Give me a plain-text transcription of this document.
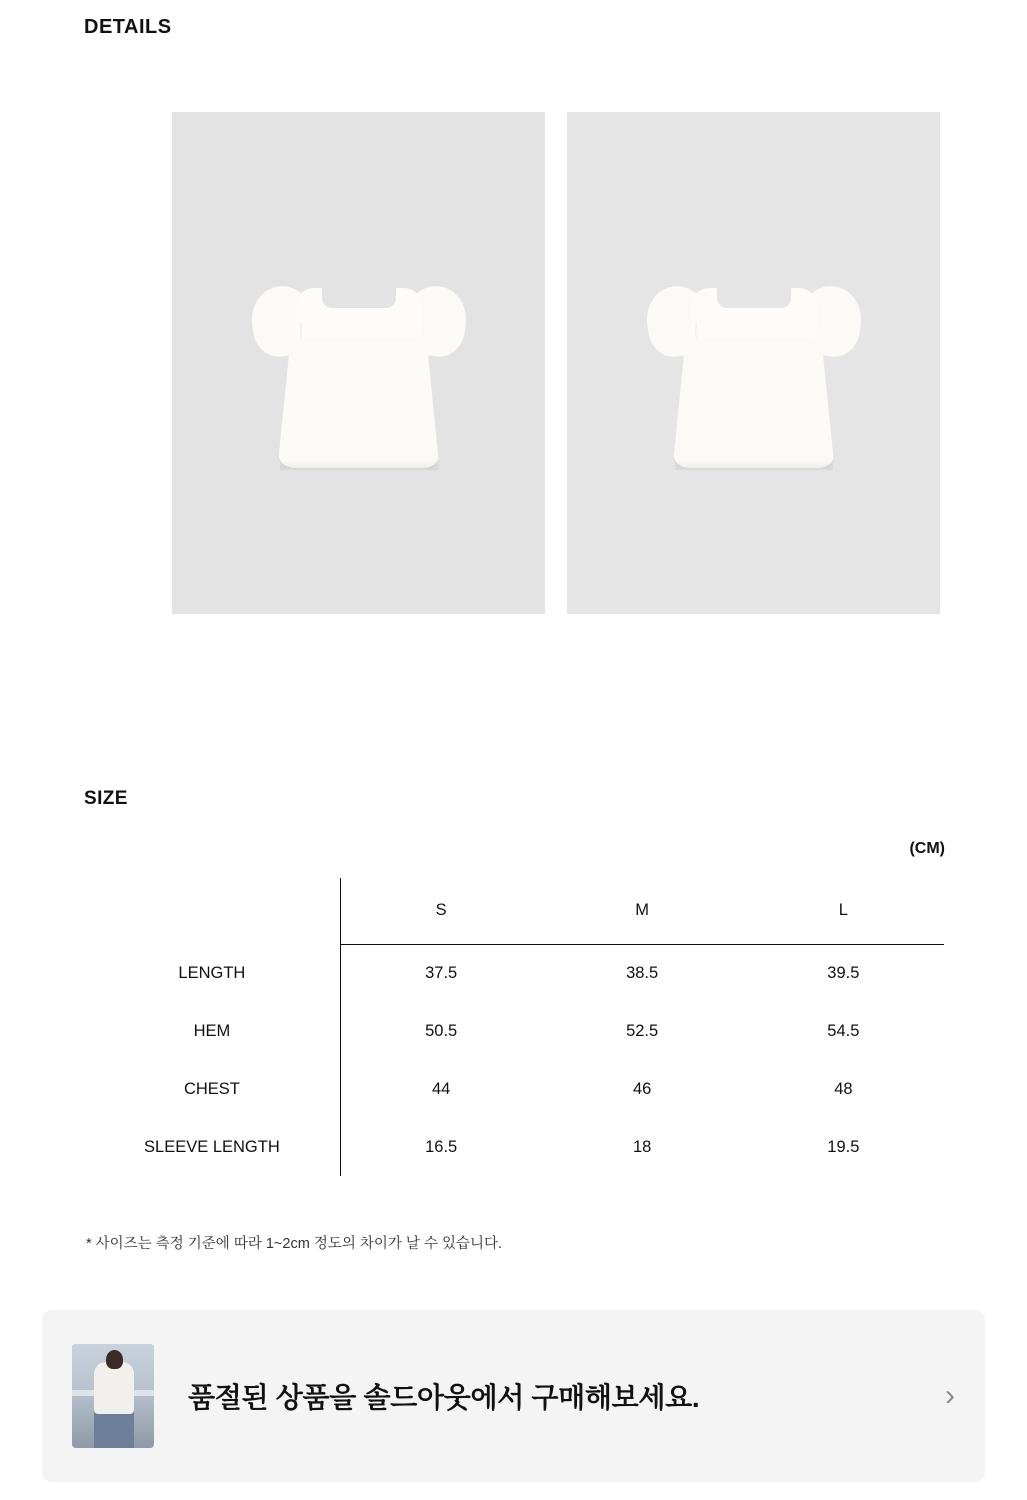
DETAILS
SIZE
(CM)
	S	M	L
LENGTH	37.5	38.5	39.5
HEM	50.5	52.5	54.5
CHEST	44	46	48
SLEEVE LENGTH	16.5	18	19.5
* 사이즈는 측정 기준에 따라 1~2cm 정도의 차이가 날 수 있습니다.
품절된 상품을 솔드아웃에서 구매해보세요.	›
